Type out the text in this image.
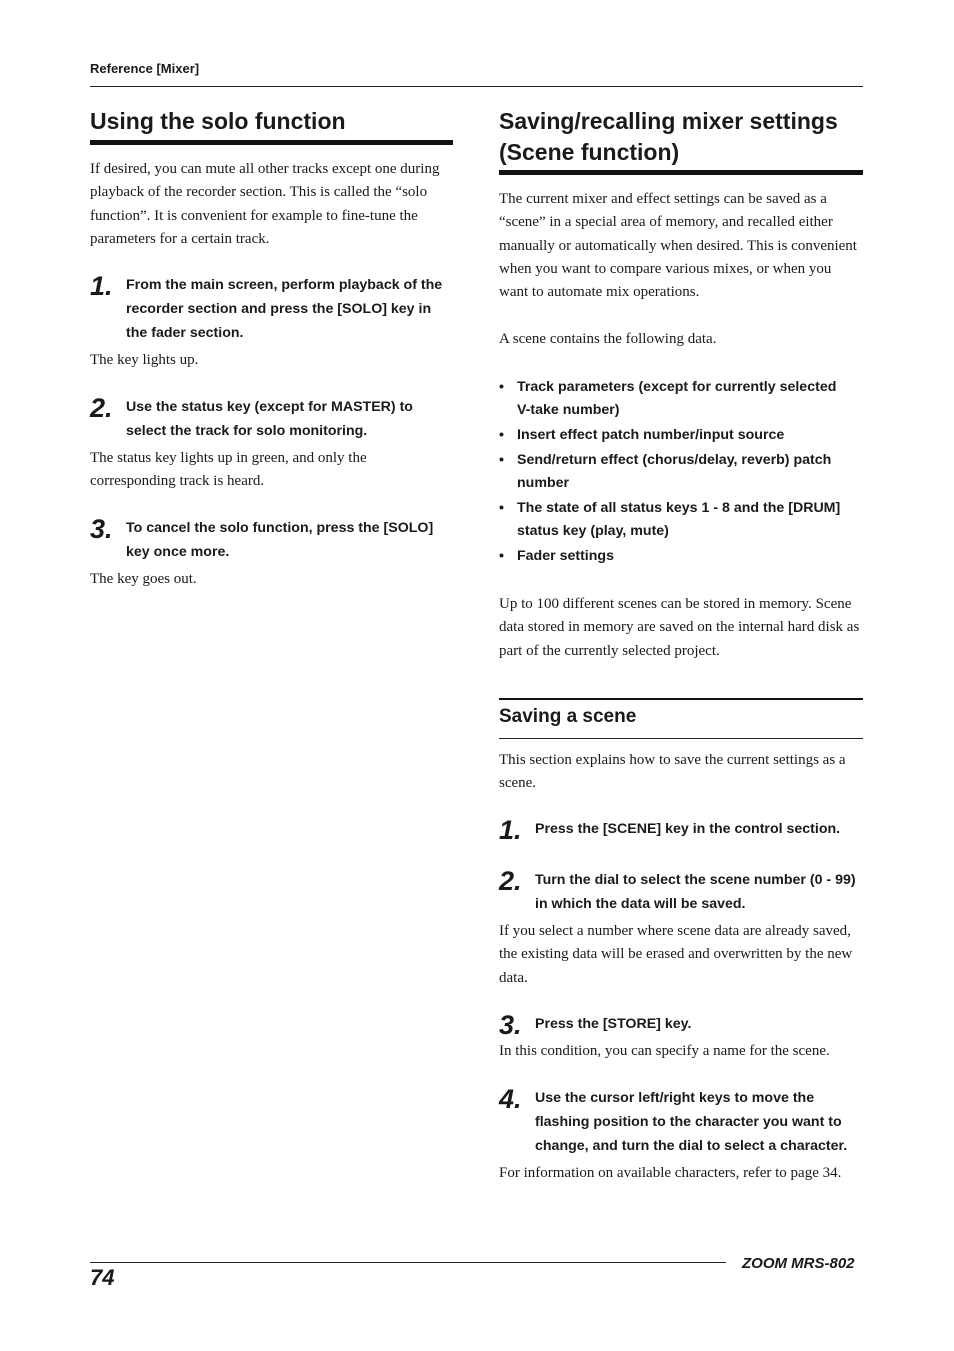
Reference [Mixer]
Using the solo function

If desired, you can mute all other tracks except one during playback of the recorder section. This is called the “solo function”. It is convenient for example to fine-tune the parameters for a certain track.

1. From the main screen, perform playback of the recorder section and press the [SOLO] key in the fader section.

The key lights up.

2. Use the status key (except for MASTER) to select the track for solo monitoring.

The status key lights up in green, and only the corresponding track is heard.

3. To cancel the solo function, press the [SOLO] key once more.

The key goes out.

Saving/recalling mixer settings
(Scene function)

The current mixer and effect settings can be saved as a “scene” in a special area of memory, and recalled either manually or automatically when desired. This is convenient when you want to compare various mixes, or when you want to automate mix operations.

A scene contains the following data.

• Track parameters (except for currently selected V-take number)
• Insert effect patch number/input source
• Send/return effect (chorus/delay, reverb) patch number
• The state of all status keys 1 - 8 and the [DRUM] status key (play, mute)
• Fader settings

Up to 100 different scenes can be stored in memory. Scene data stored in memory are saved on the internal hard disk as part of the currently selected project.

Saving a scene

This section explains how to save the current settings as a scene.

1. Press the [SCENE] key in the control section.
2. Turn the dial to select the scene number (0 - 99) in which the data will be saved.

If you select a number where scene data are already saved, the existing data will be erased and overwritten by the new data.

3. Press the [STORE] key.

In this condition, you can specify a name for the scene.

4. Use the cursor left/right keys to move the flashing position to the character you want to change, and turn the dial to select a character.

For information on available characters, refer to page 34.

74
ZOOM MRS-802
